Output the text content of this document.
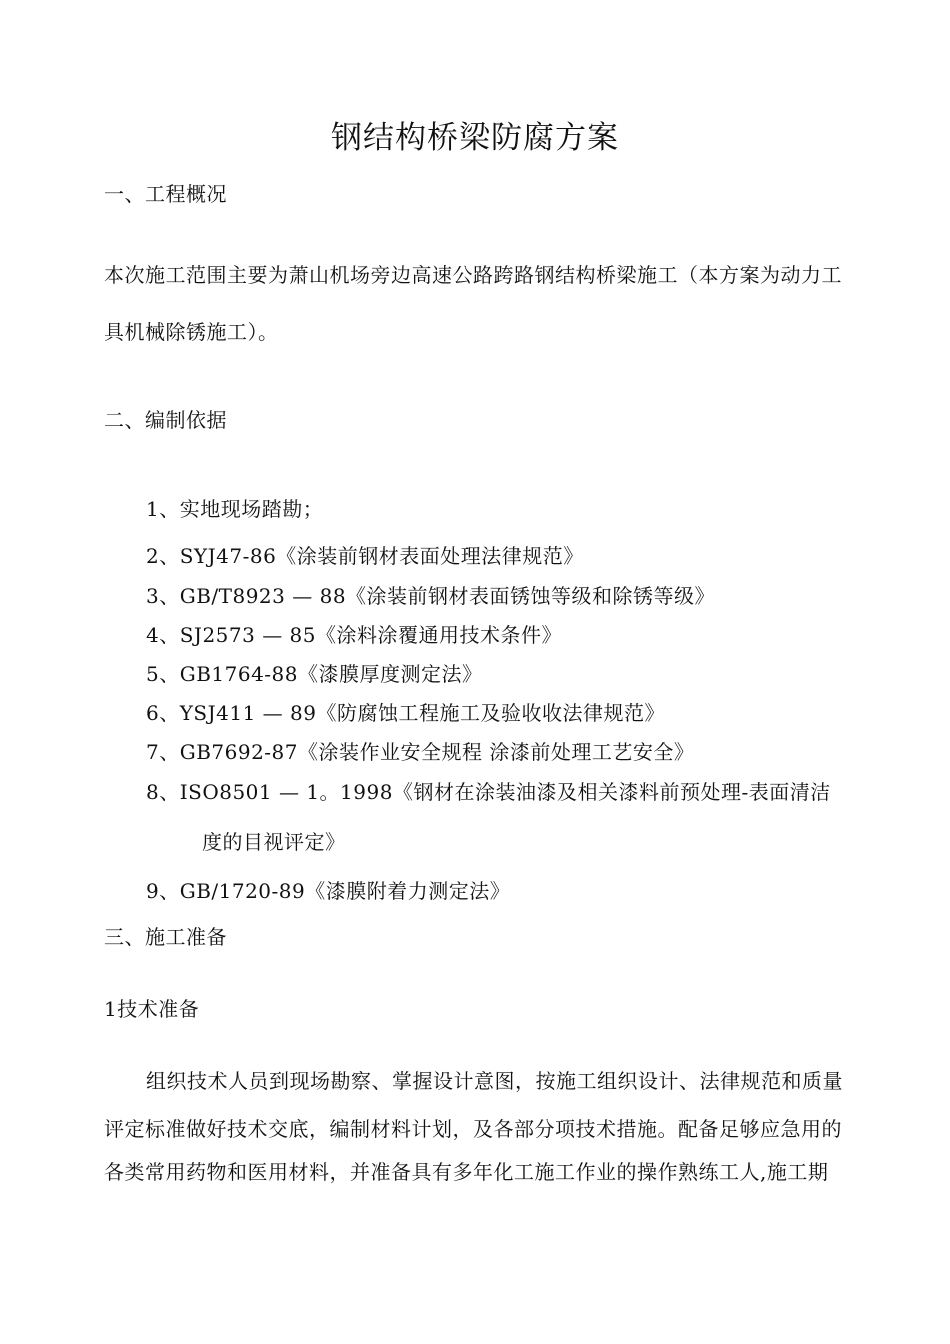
钢结构桥梁防腐方案
一、工程概况
本次施工范围主要为萧山机场旁边高速公路跨路钢结构桥梁施工（本方案为动力工
具机械除锈施工）。
二、编制依据
1、实地现场踏勘；
2、SYJ47-86《涂装前钢材表面处理法律规范》
3、GB/T8923 — 88《涂装前钢材表面锈蚀等级和除锈等级》
4、SJ2573 — 85《涂料涂覆通用技术条件》
5、GB1764-88《漆膜厚度测定法》
6、YSJ411 — 89《防腐蚀工程施工及验收收法律规范》
7、GB7692-87《涂装作业安全规程 涂漆前处理工艺安全》
8、ISO8501 — 1。1998《钢材在涂装油漆及相关漆料前预处理-表面清洁
度的目视评定》
9、GB/1720-89《漆膜附着力测定法》
三、施工准备
1技术准备
组织技术人员到现场勘察、掌握设计意图，按施工组织设计、法律规范和质量
评定标准做好技术交底，编制材料计划，及各部分项技术措施。配备足够应急用的
各类常用药物和医用材料，并准备具有多年化工施工作业的操作熟练工人,施工期
